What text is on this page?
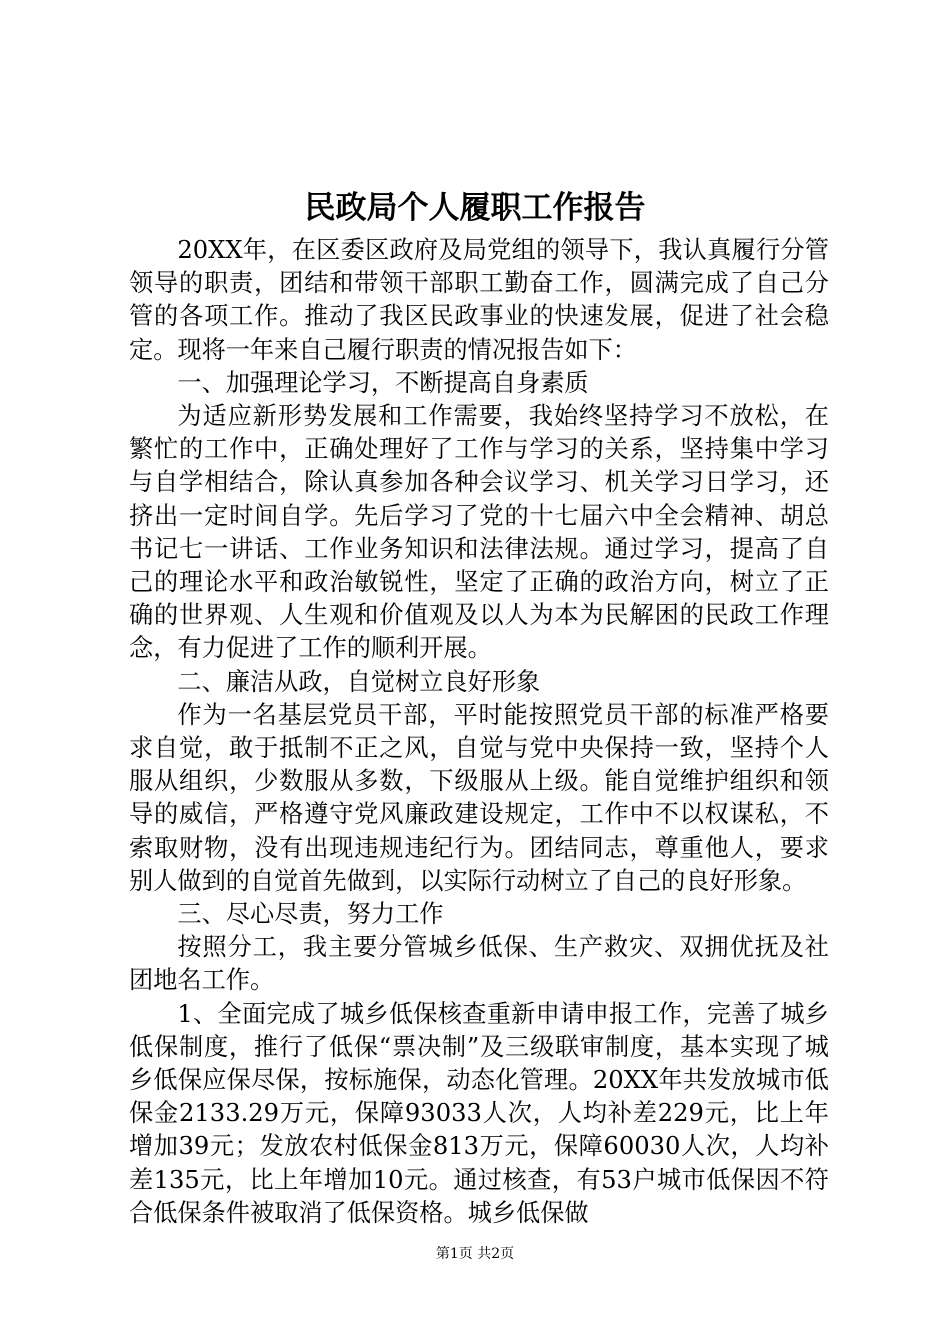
民政局个人履职工作报告

20XX年，在区委区政府及局党组的领导下，我认真履行分管领导的职责，团结和带领干部职工勤奋工作，圆满完成了自己分管的各项工作。推动了我区民政事业的快速发展，促进了社会稳定。现将一年来自己履行职责的情况报告如下：

一、加强理论学习，不断提高自身素质

为适应新形势发展和工作需要，我始终坚持学习不放松，在繁忙的工作中，正确处理好了工作与学习的关系，坚持集中学习与自学相结合，除认真参加各种会议学习、机关学习日学习，还挤出一定时间自学。先后学习了党的十七届六中全会精神、胡总书记七一讲话、工作业务知识和法律法规。通过学习，提高了自己的理论水平和政治敏锐性，坚定了正确的政治方向，树立了正确的世界观、人生观和价值观及以人为本为民解困的民政工作理念，有力促进了工作的顺利开展。

二、廉洁从政，自觉树立良好形象

作为一名基层党员干部，平时能按照党员干部的标准严格要求自觉，敢于抵制不正之风，自觉与党中央保持一致，坚持个人服从组织，少数服从多数，下级服从上级。能自觉维护组织和领导的威信，严格遵守党风廉政建设规定，工作中不以权谋私，不索取财物，没有出现违规违纪行为。团结同志，尊重他人，要求别人做到的自觉首先做到，以实际行动树立了自己的良好形象。

三、尽心尽责，努力工作

按照分工，我主要分管城乡低保、生产救灾、双拥优抚及社团地名工作。

1、全面完成了城乡低保核查重新申请申报工作，完善了城乡低保制度，推行了低保“票决制”及三级联审制度，基本实现了城乡低保应保尽保，按标施保，动态化管理。20XX年共发放城市低保金2133.29万元，保障93033人次，人均补差229元，比上年增加39元；发放农村低保金813万元，保障60030人次，人均补差135元，比上年增加10元。通过核查，有53户城市低保因不符合低保条件被取消了低保资格。城乡低保做

第1页 共2页
